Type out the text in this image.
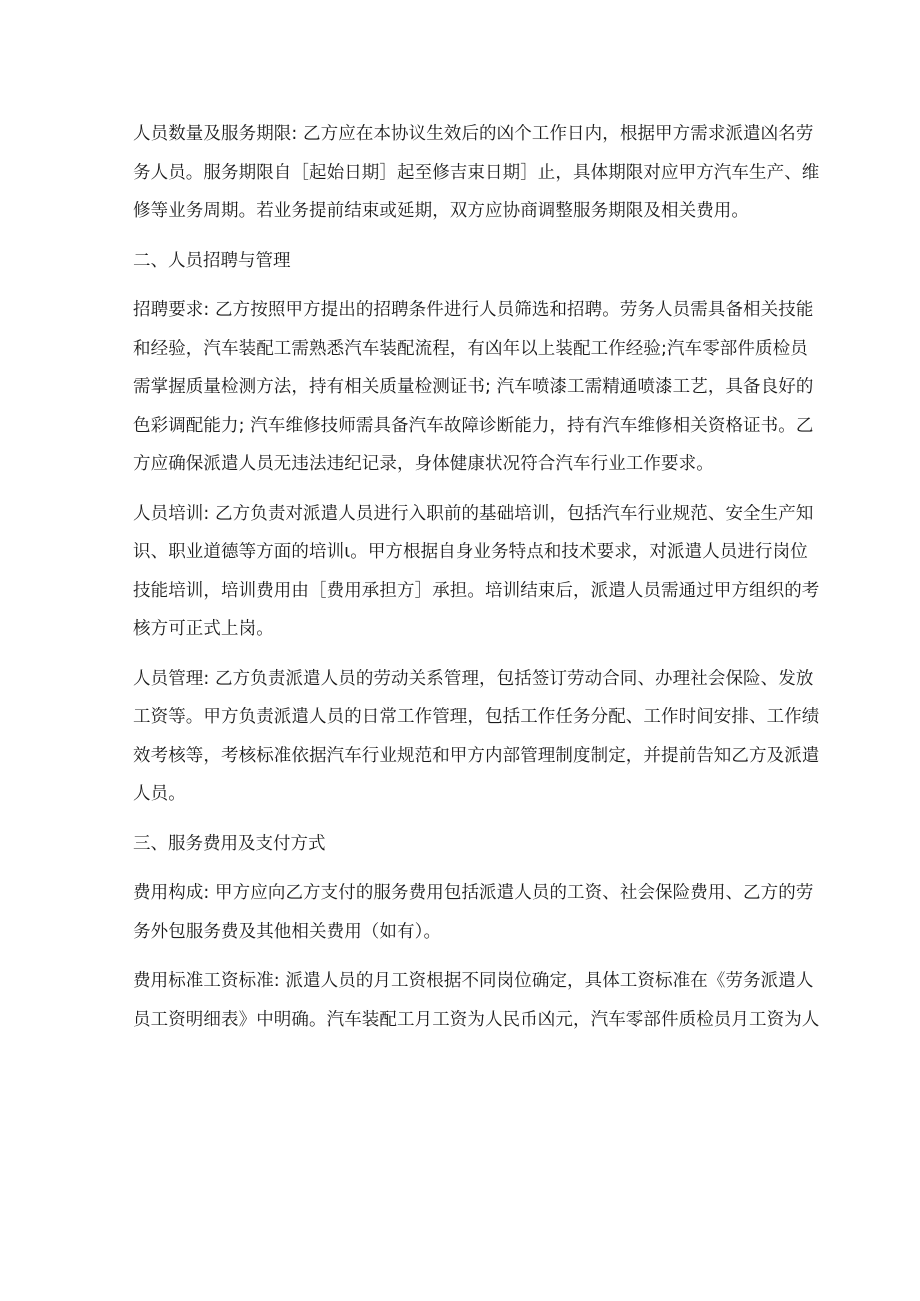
人员数量及服务期限: 乙方应在本协议生效后的凶个工作日内，根据甲方需求派遣凶名劳
务人员。服务期限自［起始日期］起至修吉束日期］止，具体期限对应甲方汽车生产、维
修等业务周期。若业务提前结束或延期，双方应协商调整服务期限及相关费用。
二、人员招聘与管理
招聘要求: 乙方按照甲方提出的招聘条件进行人员筛选和招聘。劳务人员需具备相关技能
和经验，汽车装配工需熟悉汽车装配流程，有凶年以上装配工作经验;汽车零部件质检员
需掌握质量检测方法，持有相关质量检测证书; 汽车喷漆工需精通喷漆工艺，具备良好的
色彩调配能力; 汽车维修技师需具备汽车故障诊断能力，持有汽车维修相关资格证书。乙
方应确保派遣人员无违法违纪记录，身体健康状况符合汽车行业工作要求。
人员培训: 乙方负责对派遣人员进行入职前的基础培训，包括汽车行业规范、安全生产知
识、职业道德等方面的培训ι。甲方根据自身业务特点和技术要求，对派遣人员进行岗位
技能培训，培训费用由［费用承担方］承担。培训结束后，派遣人员需通过甲方组织的考
核方可正式上岗。
人员管理: 乙方负责派遣人员的劳动关系管理，包括签订劳动合同、办理社会保险、发放
工资等。甲方负责派遣人员的日常工作管理，包括工作任务分配、工作时间安排、工作绩
效考核等，考核标准依据汽车行业规范和甲方内部管理制度制定，并提前告知乙方及派遣
人员。
三、服务费用及支付方式
费用构成: 甲方应向乙方支付的服务费用包括派遣人员的工资、社会保险费用、乙方的劳
务外包服务费及其他相关费用（如有）。
费用标准工资标准: 派遣人员的月工资根据不同岗位确定，具体工资标准在《劳务派遣人
员工资明细表》中明确。汽车装配工月工资为人民币凶元，汽车零部件质检员月工资为人
